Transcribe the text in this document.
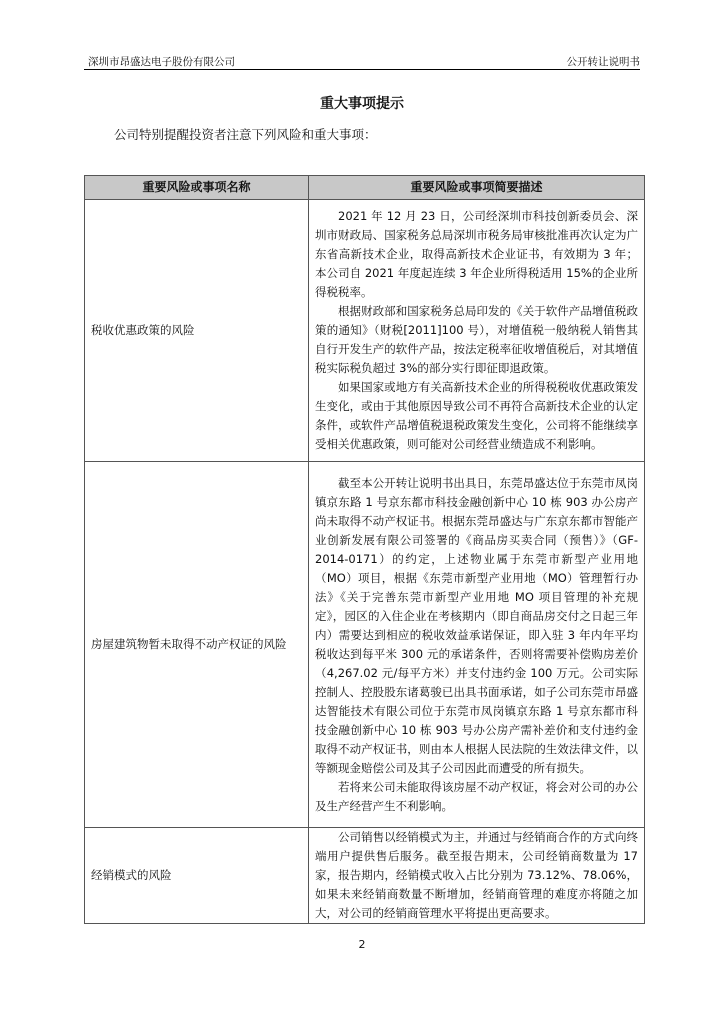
深圳市昂盛达电子股份有限公司	公开转让说明书
重大事项提示
公司特别提醒投资者注意下列风险和重大事项：
重要风险或事项名称	重要风险或事项简要描述
税收优惠政策的风险	2021 年 12 月 23 日，公司经深圳市科技创新委员会、深圳市财政局、国家税务总局深圳市税务局审核批准再次认定为广东省高新技术企业，取得高新技术企业证书，有效期为 3 年；本公司自 2021 年度起连续 3 年企业所得税适用 15%的企业所得税税率。

根据财政部和国家税务总局印发的《关于软件产品增值税政策的通知》（财税[2011]100 号），对增值税一般纳税人销售其自行开发生产的软件产品，按法定税率征收增值税后，对其增值税实际税负超过 3%的部分实行即征即退政策。

如果国家或地方有关高新技术企业的所得税税收优惠政策发生变化，或由于其他原因导致公司不再符合高新技术企业的认定条件，或软件产品增值税退税政策发生变化，公司将不能继续享受相关优惠政策，则可能对公司经营业绩造成不利影响。

房屋建筑物暂未取得不动产权证的风险	截至本公开转让说明书出具日，东莞昂盛达位于东莞市凤岗镇京东路 1 号京东都市科技金融创新中心 10 栋 903 办公房产尚未取得不动产权证书。根据东莞昂盛达与广东京东都市智能产业创新发展有限公司签署的《商品房买卖合同（预售）》（GF-2014-0171）的约定，上述物业属于东莞市新型产业用地（MO）项目，根据《东莞市新型产业用地（MO）管理暂行办法》《关于完善东莞市新型产业用地 MO 项目管理的补充规定》，园区的入住企业在考核期内（即自商品房交付之日起三年内）需要达到相应的税收效益承诺保证，即入驻 3 年内年平均税收达到每平米 300 元的承诺条件，否则将需要补偿购房差价（4,267.02 元/每平方米）并支付违约金 100 万元。公司实际控制人、控股股东诸葛骏已出具书面承诺，如子公司东莞市昂盛达智能技术有限公司位于东莞市凤岗镇京东路 1 号京东都市科技金融创新中心 10 栋 903 号办公房产需补差价和支付违约金取得不动产权证书，则由本人根据人民法院的生效法律文件，以等额现金赔偿公司及其子公司因此而遭受的所有损失。

若将来公司未能取得该房屋不动产权证，将会对公司的办公及生产经营产生不利影响。

经销模式的风险	公司销售以经销模式为主，并通过与经销商合作的方式向终端用户提供售后服务。截至报告期末，公司经销商数量为 17 家，报告期内，经销模式收入占比分别为 73.12%、78.06%，如果未来经销商数量不断增加，经销商管理的难度亦将随之加大，对公司的经销商管理水平将提出更高要求。

2
